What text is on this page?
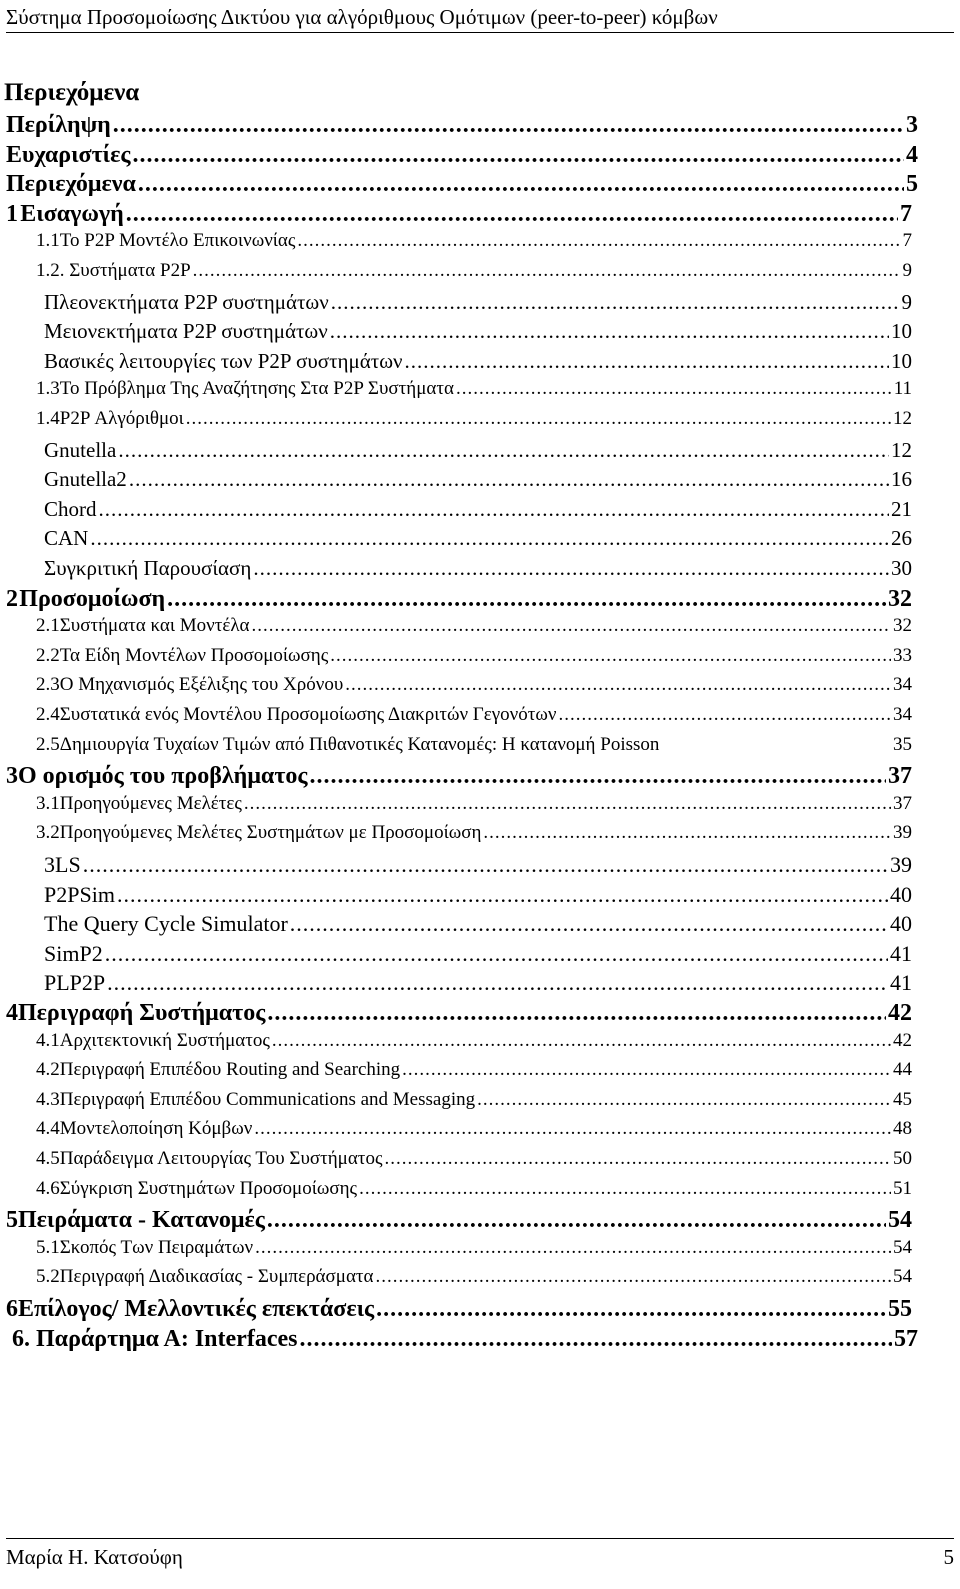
Σύστημα Προσομοίωσης Δικτύου για αλγόριθμους Ομότιμων (peer-to-peer) κόμβων
Περιεχόμενα
Περίληψη .....	3
Ευχαριστίες .....	4
Περιεχόμενα .....	5
1 Εισαγωγή .....	7
1.1 Το P2P Μοντέλο Επικοινωνίας .....	7
1.2 . Συστήματα P2P .....	9
Πλεονεκτήματα P2P συστημάτων .....	9
Μειονεκτήματα P2P συστημάτων .....	10
Βασικές λειτουργίες των P2P συστημάτων .....	10
1.3 Το Πρόβλημα Της Αναζήτησης Στα P2P Συστήματα .....	11
1.4 P2P Αλγόριθμοι .....	12
Gnutella .....	12
Gnutella2 .....	16
Chord .....	21
CAN .....	26
Συγκριτική Παρουσίαση .....	30
2 Προσομοίωση .....	32
2.1 Συστήματα και Μοντέλα .....	32
2.2 Τα Είδη Μοντέλων Προσομοίωσης .....	33
2.3 Ο Μηχανισμός Εξέλιξης του Χρόνου .....	34
2.4 Συστατικά ενός Μοντέλου Προσομοίωσης Διακριτών Γεγονότων .....	34
2.5 Δημιουργία Τυχαίων Τιμών από Πιθανοτικές Κατανομές: Η κατανομή Poisson	35
3 Ο ορισμός του προβλήματος .....	37
3.1 Προηγούμενες Μελέτες .....	37
3.2 Προηγούμενες Μελέτες Συστημάτων με Προσομοίωση .....	39
3LS .....	39
P2PSim .....	40
The Query Cycle Simulator .....	40
SimP2 .....	41
PLP2P .....	41
4 Περιγραφή Συστήματος .....	42
4.1 Αρχιτεκτονική Συστήματος .....	42
4.2 Περιγραφή Επιπέδου Routing and Searching .....	44
4.3 Περιγραφή Επιπέδου Communications and Messaging .....	45
4.4 Μοντελοποίηση Κόμβων .....	48
4.5 Παράδειγμα Λειτουργίας Του Συστήματος .....	50
4.6 Σύγκριση Συστημάτων Προσομοίωσης .....	51
5 Πειράματα - Κατανομές .....	54
5.1 Σκοπός Των Πειραμάτων .....	54
5.2 Περιγραφή Διαδικασίας - Συμπεράσματα .....	54
6 Επίλογος/ Μελλοντικές επεκτάσεις .....	55
6. Παράρτημα Α: Interfaces .....	57
Μαρία Η. Κατσούφη	5
